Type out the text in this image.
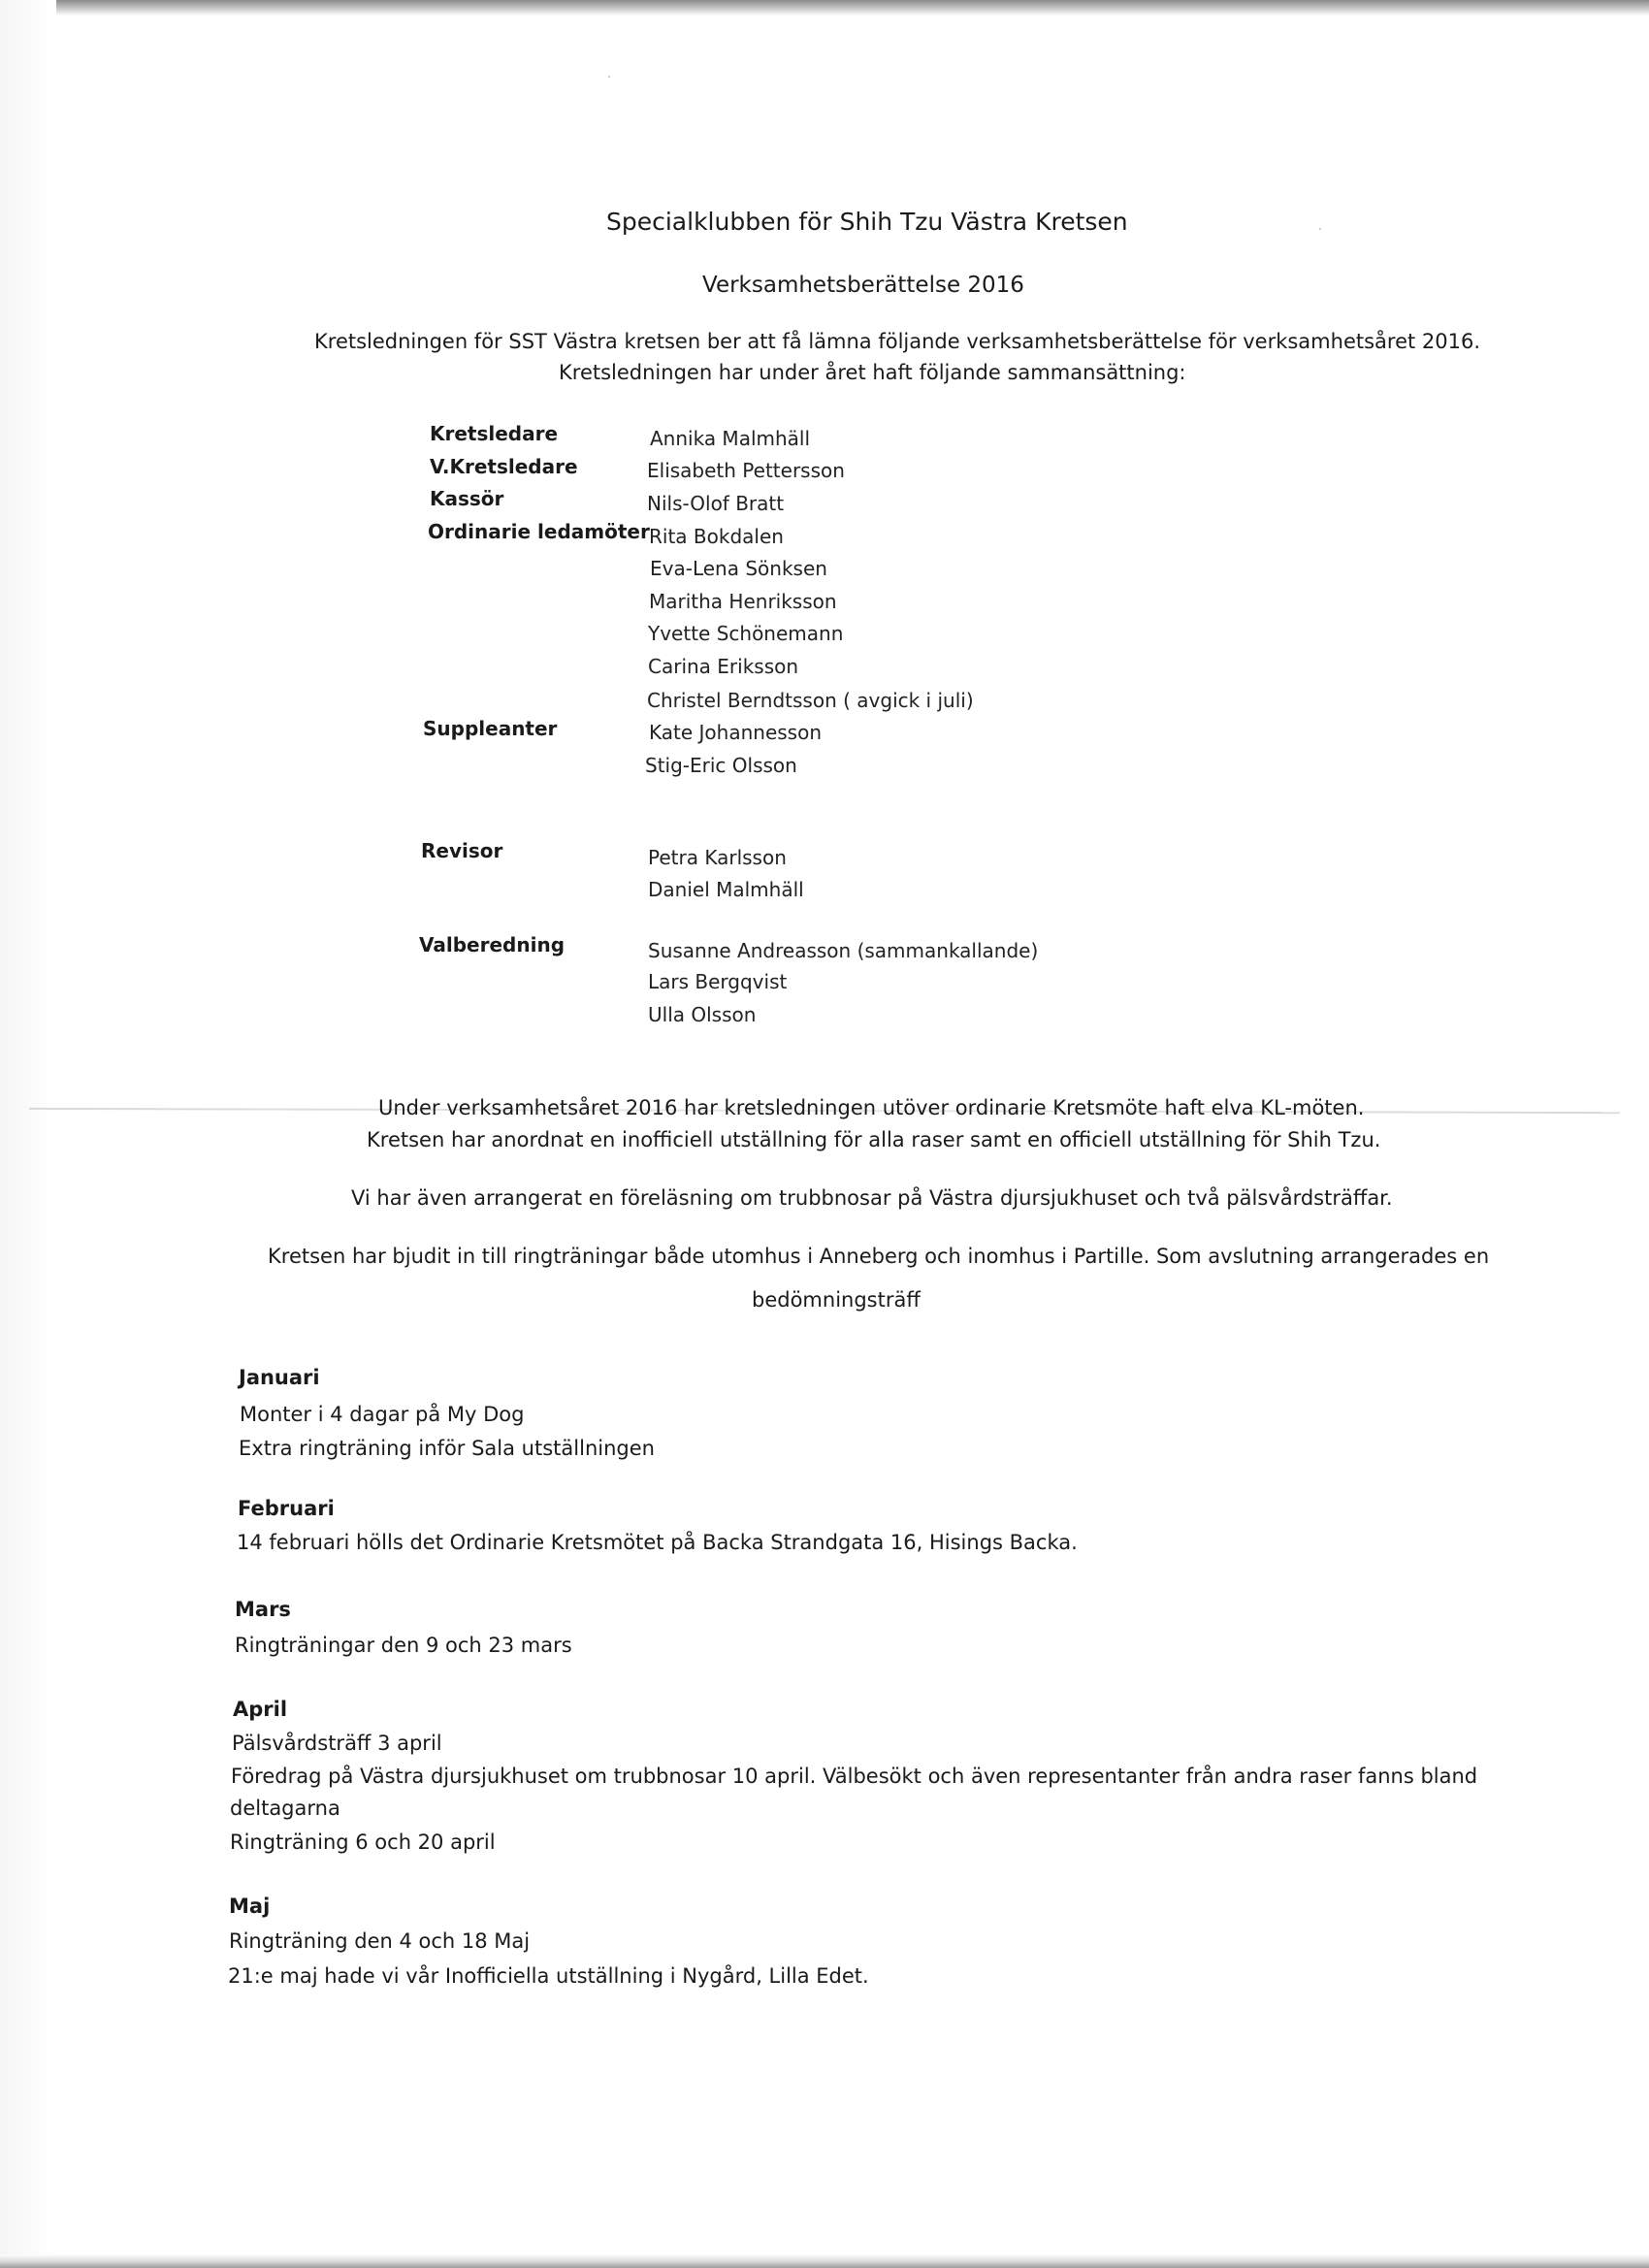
Specialklubben för Shih Tzu Västra Kretsen
Verksamhetsberättelse 2016
Kretsledningen för SST Västra kretsen ber att få lämna följande verksamhetsberättelse för verksamhetsåret 2016.
Kretsledningen har under året haft följande sammansättning:
Kretsledare	Annika Malmhäll
V.Kretsledare	Elisabeth Pettersson
Kassör	Nils-Olof Bratt
Ordinarie ledamöter Rita Bokdalen
Eva-Lena Sönksen
Maritha Henriksson
Yvette Schönemann
Carina Eriksson
Christel Berndtsson ( avgick i juli)
Suppleanter	Kate Johannesson
Stig-Eric Olsson
Revisor	Petra Karlsson
Daniel Malmhäll
Valberedning	Susanne Andreasson (sammankallande)
Lars Bergqvist
Ulla Olsson
Under verksamhetsåret 2016 har kretsledningen utöver ordinarie Kretsmöte haft elva KL-möten.
Kretsen har anordnat en inofficiell utställning för alla raser samt en officiell utställning för Shih Tzu.
Vi har även arrangerat en föreläsning om trubbnosar på Västra djursjukhuset och två pälsvårdsträffar.
Kretsen har bjudit in till ringträningar både utomhus i Anneberg och inomhus i Partille. Som avslutning arrangerades en
bedömningsträff
Januari
Monter i 4 dagar på My Dog
Extra ringträning inför Sala utställningen
Februari
14 februari hölls det Ordinarie Kretsmötet på Backa Strandgata 16, Hisings Backa.
Mars
Ringträningar den 9 och 23 mars
April
Pälsvårdsträff 3 april
Föredrag på Västra djursjukhuset om trubbnosar 10 april. Välbesökt och även representanter från andra raser fanns bland
deltagarna
Ringträning 6 och 20 april
Maj
Ringträning den 4 och 18 Maj
21:e maj hade vi vår Inofficiella utställning i Nygård, Lilla Edet.
